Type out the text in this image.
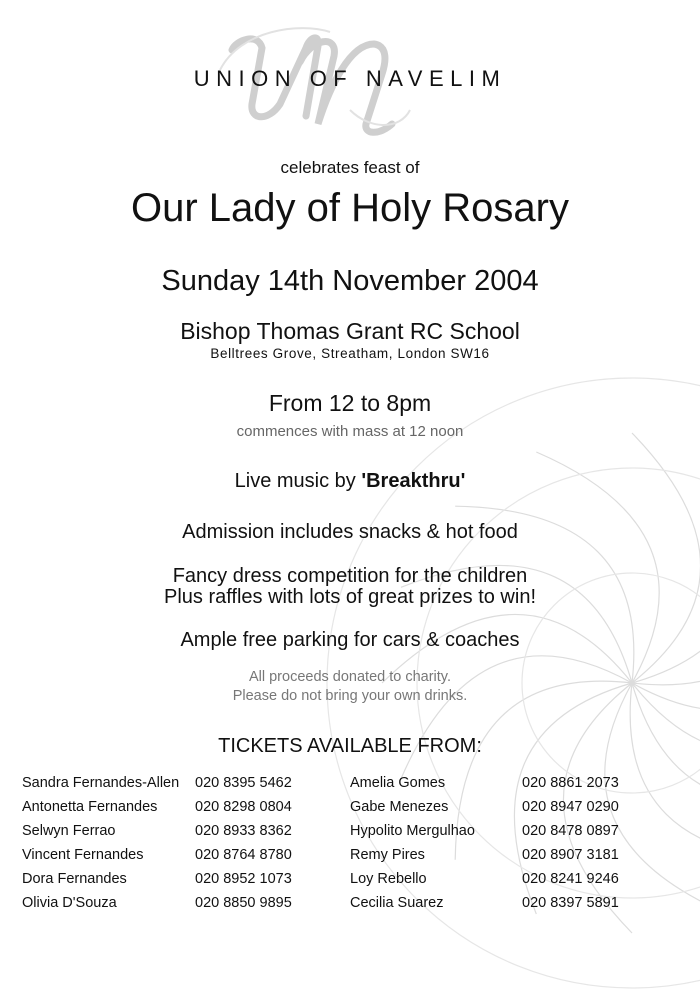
UNION OF NAVELIM
celebrates feast of
Our Lady of Holy Rosary
Sunday 14th November 2004
Bishop Thomas Grant RC School
Belltrees Grove, Streatham, London SW16
From 12 to 8pm
commences with mass at 12 noon
Live music by 'Breakthru'
Admission includes snacks & hot food
Fancy dress competition for the children
Plus raffles with lots of great prizes to win!
Ample free parking for cars & coaches
All proceeds donated to charity.
Please do not bring your own drinks.
TICKETS AVAILABLE FROM:
Sandra Fernandes-Allen 020 8395 5462	Amelia Gomes	020 8861 2073
Antonetta Fernandes	020 8298 0804	Gabe Menezes	020 8947 0290
Selwyn Ferrao	020 8933 8362	Hypolito Mergulhao	020 8478 0897
Vincent Fernandes	020 8764 8780	Remy Pires	020 8907 3181
Dora Fernandes	020 8952 1073	Loy Rebello	020 8241 9246
Olivia D'Souza	020 8850 9895	Cecilia Suarez	020 8397 5891
